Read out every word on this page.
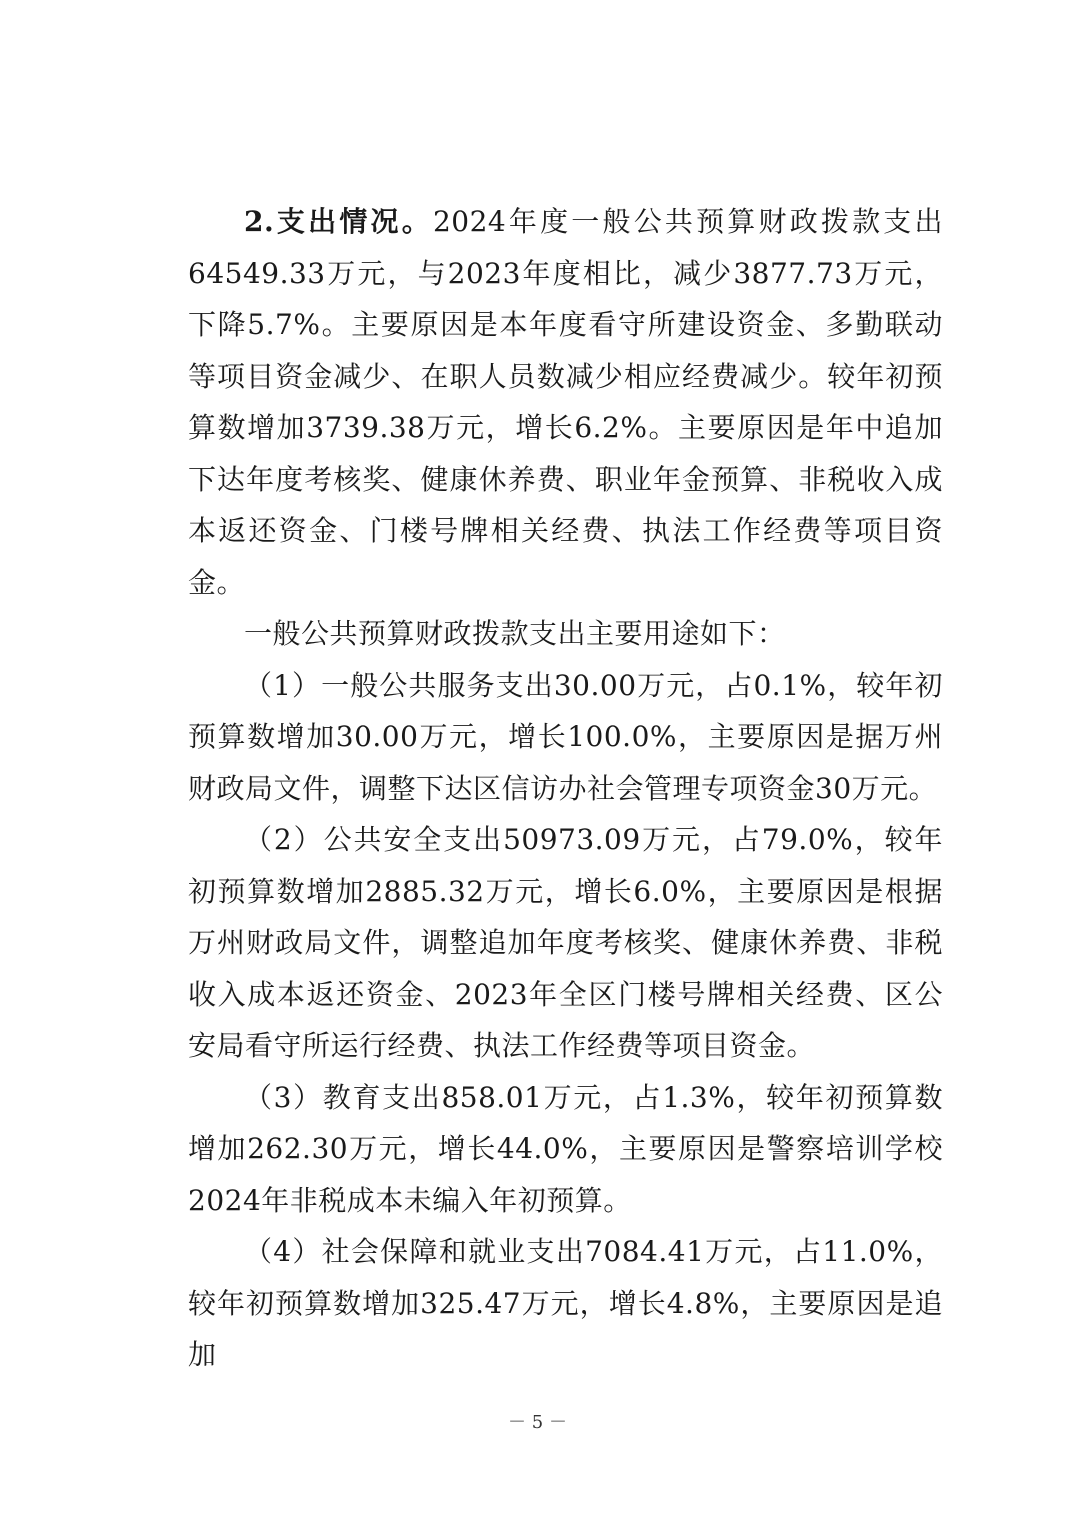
2.支出情况。2024年度一般公共预算财政拨款支出64549.33万元，与2023年度相比，减少3877.73万元，下降5.7%。主要原因是本年度看守所建设资金、多勤联动等项目资金减少、在职人员数减少相应经费减少。较年初预算数增加3739.38万元，增长6.2%。主要原因是年中追加下达年度考核奖、健康休养费、职业年金预算、非税收入成本返还资金、门楼号牌相关经费、执法工作经费等项目资金。

一般公共预算财政拨款支出主要用途如下：

（1）一般公共服务支出30.00万元，占0.1%，较年初预算数增加30.00万元，增长100.0%，主要原因是据万州财政局文件，调整下达区信访办社会管理专项资金30万元。

（2）公共安全支出50973.09万元，占79.0%，较年初预算数增加2885.32万元，增长6.0%，主要原因是根据万州财政局文件，调整追加年度考核奖、健康休养费、非税收入成本返还资金、2023年全区门楼号牌相关经费、区公安局看守所运行经费、执法工作经费等项目资金。

（3）教育支出858.01万元，占1.3%，较年初预算数增加262.30万元，增长44.0%，主要原因是警察培训学校2024年非税成本未编入年初预算。

（4）社会保障和就业支出7084.41万元，占11.0%，较年初预算数增加325.47万元，增长4.8%，主要原因是追加

－ 5 －
